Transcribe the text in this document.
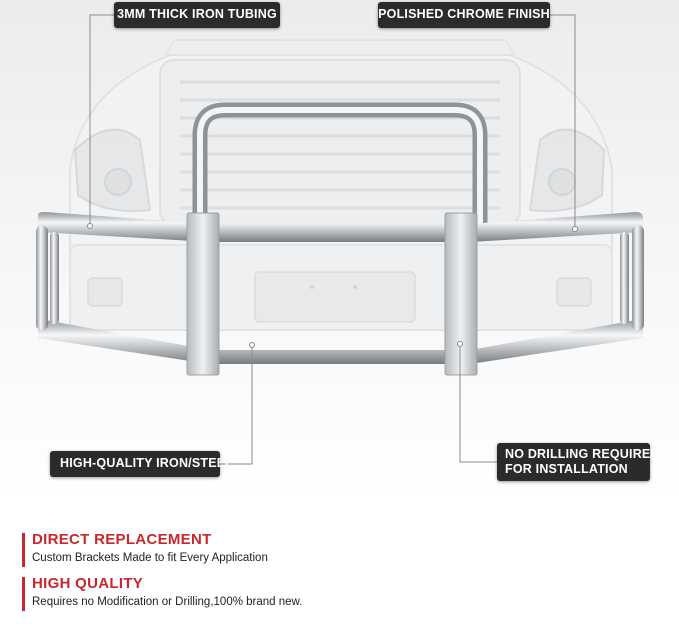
3MM THICK IRON TUBING	POLISHED CHROME FINISH
HIGH-QUALITY IRON/STEEL
NO DRILLING REQUIRED
FOR INSTALLATION
DIRECT REPLACEMENT
Custom Brackets Made to fit Every Application
HIGH QUALITY
Requires no Modification or Drilling,100% brand new.
